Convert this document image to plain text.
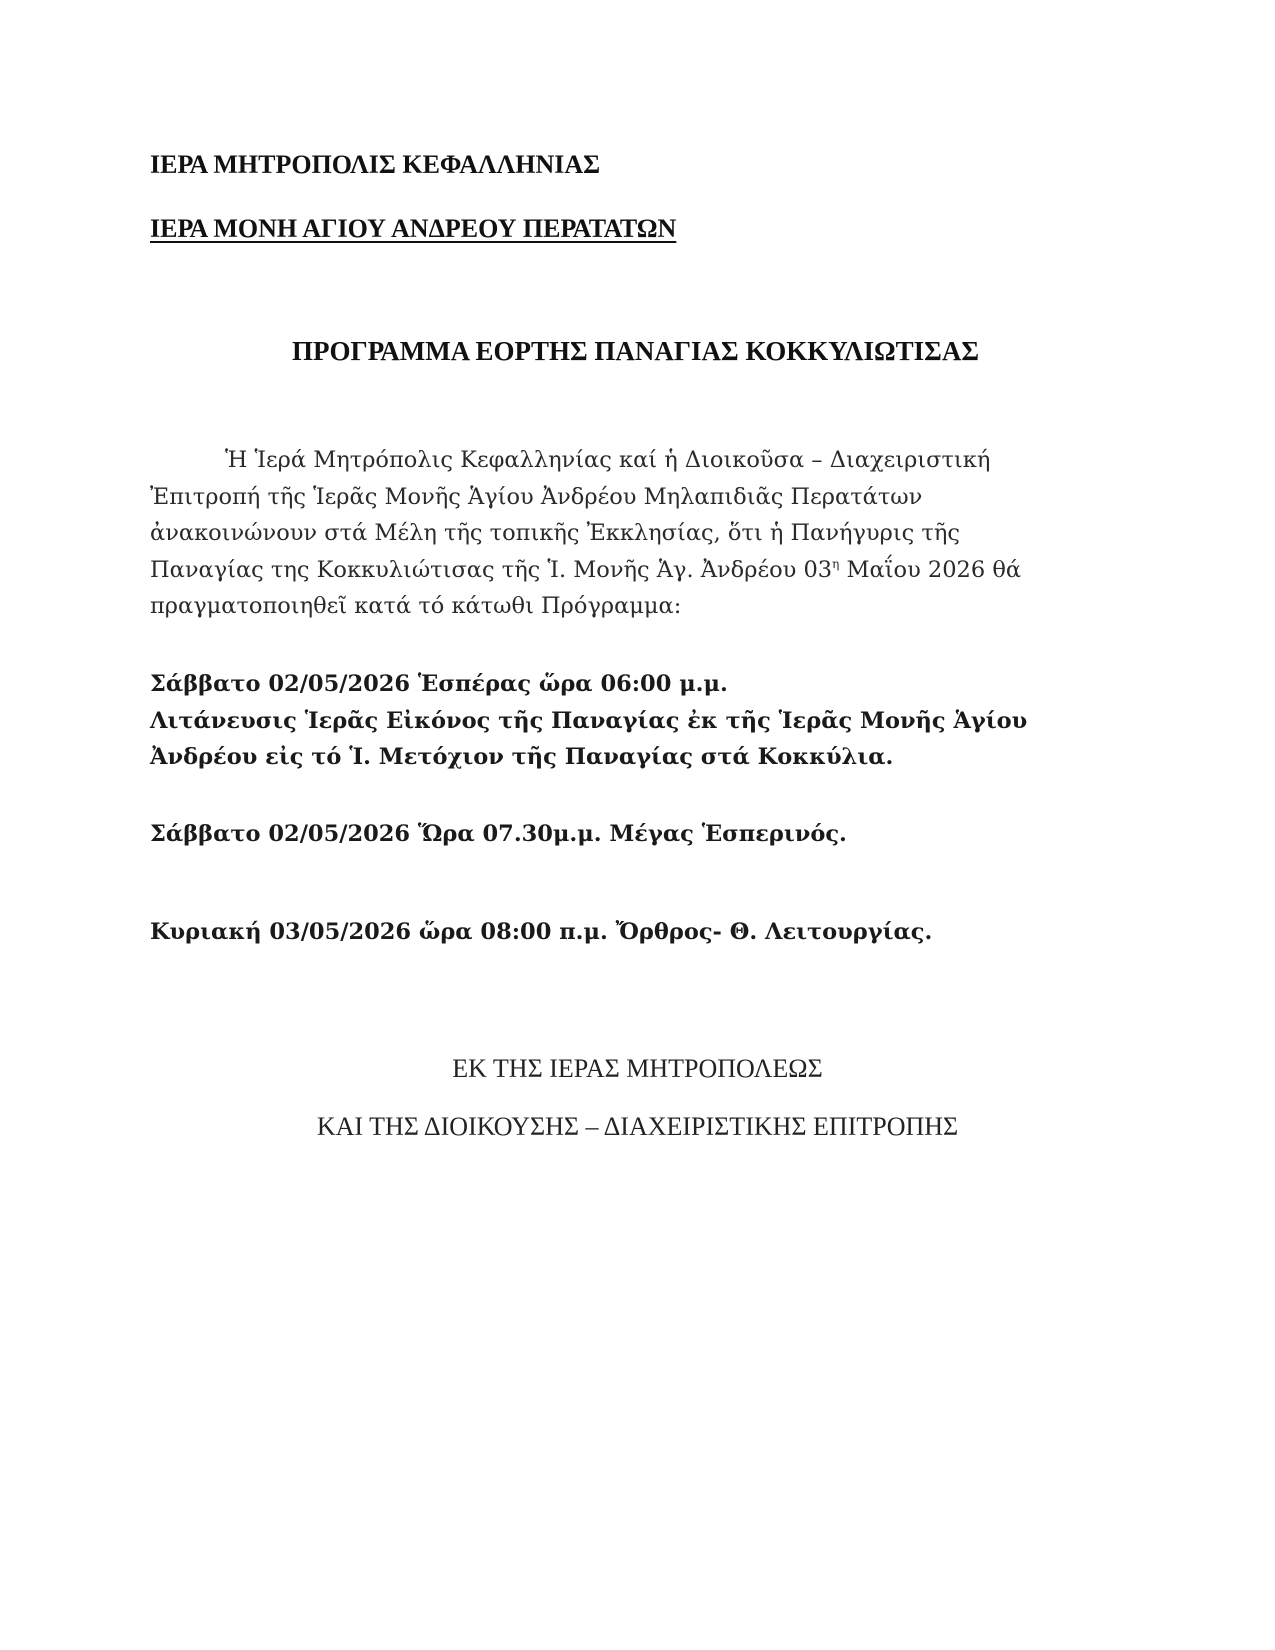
ΙΕΡΑ ΜΗΤΡΟΠΟΛΙΣ ΚΕΦΑΛΛΗΝΙΑΣ
ΙΕΡΑ ΜΟΝΗ ΑΓΙΟΥ ΑΝΔΡΕΟΥ ΠΕΡΑΤΑΤΩΝ
ΠΡΟΓΡΑΜΜΑ ΕΟΡΤΗΣ ΠΑΝΑΓΙΑΣ ΚΟΚΚΥΛΙΩΤΙΣΑΣ
Ἡ Ἱερά Μητρόπολις Κεφαλληνίας καί ἡ Διοικοῦσα – Διαχειριστική
Ἐπιτροπή τῆς Ἱερᾶς Μονῆς Ἁγίου Ἀνδρέου Μηλαπιδιᾶς Περατάτων
ἀνακοινώνουν στά Μέλη τῆς τοπικῆς Ἐκκλησίας, ὅτι ἡ Πανήγυρις τῆς
Παναγίας της Κοκκυλιώτισας τῆς Ἱ. Μονῆς Ἁγ. Ἀνδρέου $03^\eta$ Μαΐου 2026 θά
πραγματοποιηθεῖ κατά τό κάτωθι Πρόγραμμα:
Σάββατο 02/05/2026 Ἑσπέρας ὥρα 06:00 μ.μ.
Λιτάνευσις Ἱερᾶς Εἰκόνος τῆς Παναγίας ἐκ τῆς Ἱερᾶς Μονῆς Ἁγίου
Ἀνδρέου εἰς τό Ἱ. Μετόχιον τῆς Παναγίας στά Κοκκύλια.
Σάββατο 02/05/2026 Ὥρα 07.30μ.μ. Μέγας Ἑσπερινός.
Κυριακή 03/05/2026 ὥρα 08:00 π.μ. Ὄρθρος- Θ. Λειτουργίας.
ΕΚ ΤΗΣ ΙΕΡΑΣ ΜΗΤΡΟΠΟΛΕΩΣ
ΚΑΙ ΤΗΣ ΔΙΟΙΚΟΥΣΗΣ – ΔΙΑΧΕΙΡΙΣΤΙΚΗΣ ΕΠΙΤΡΟΠΗΣ
